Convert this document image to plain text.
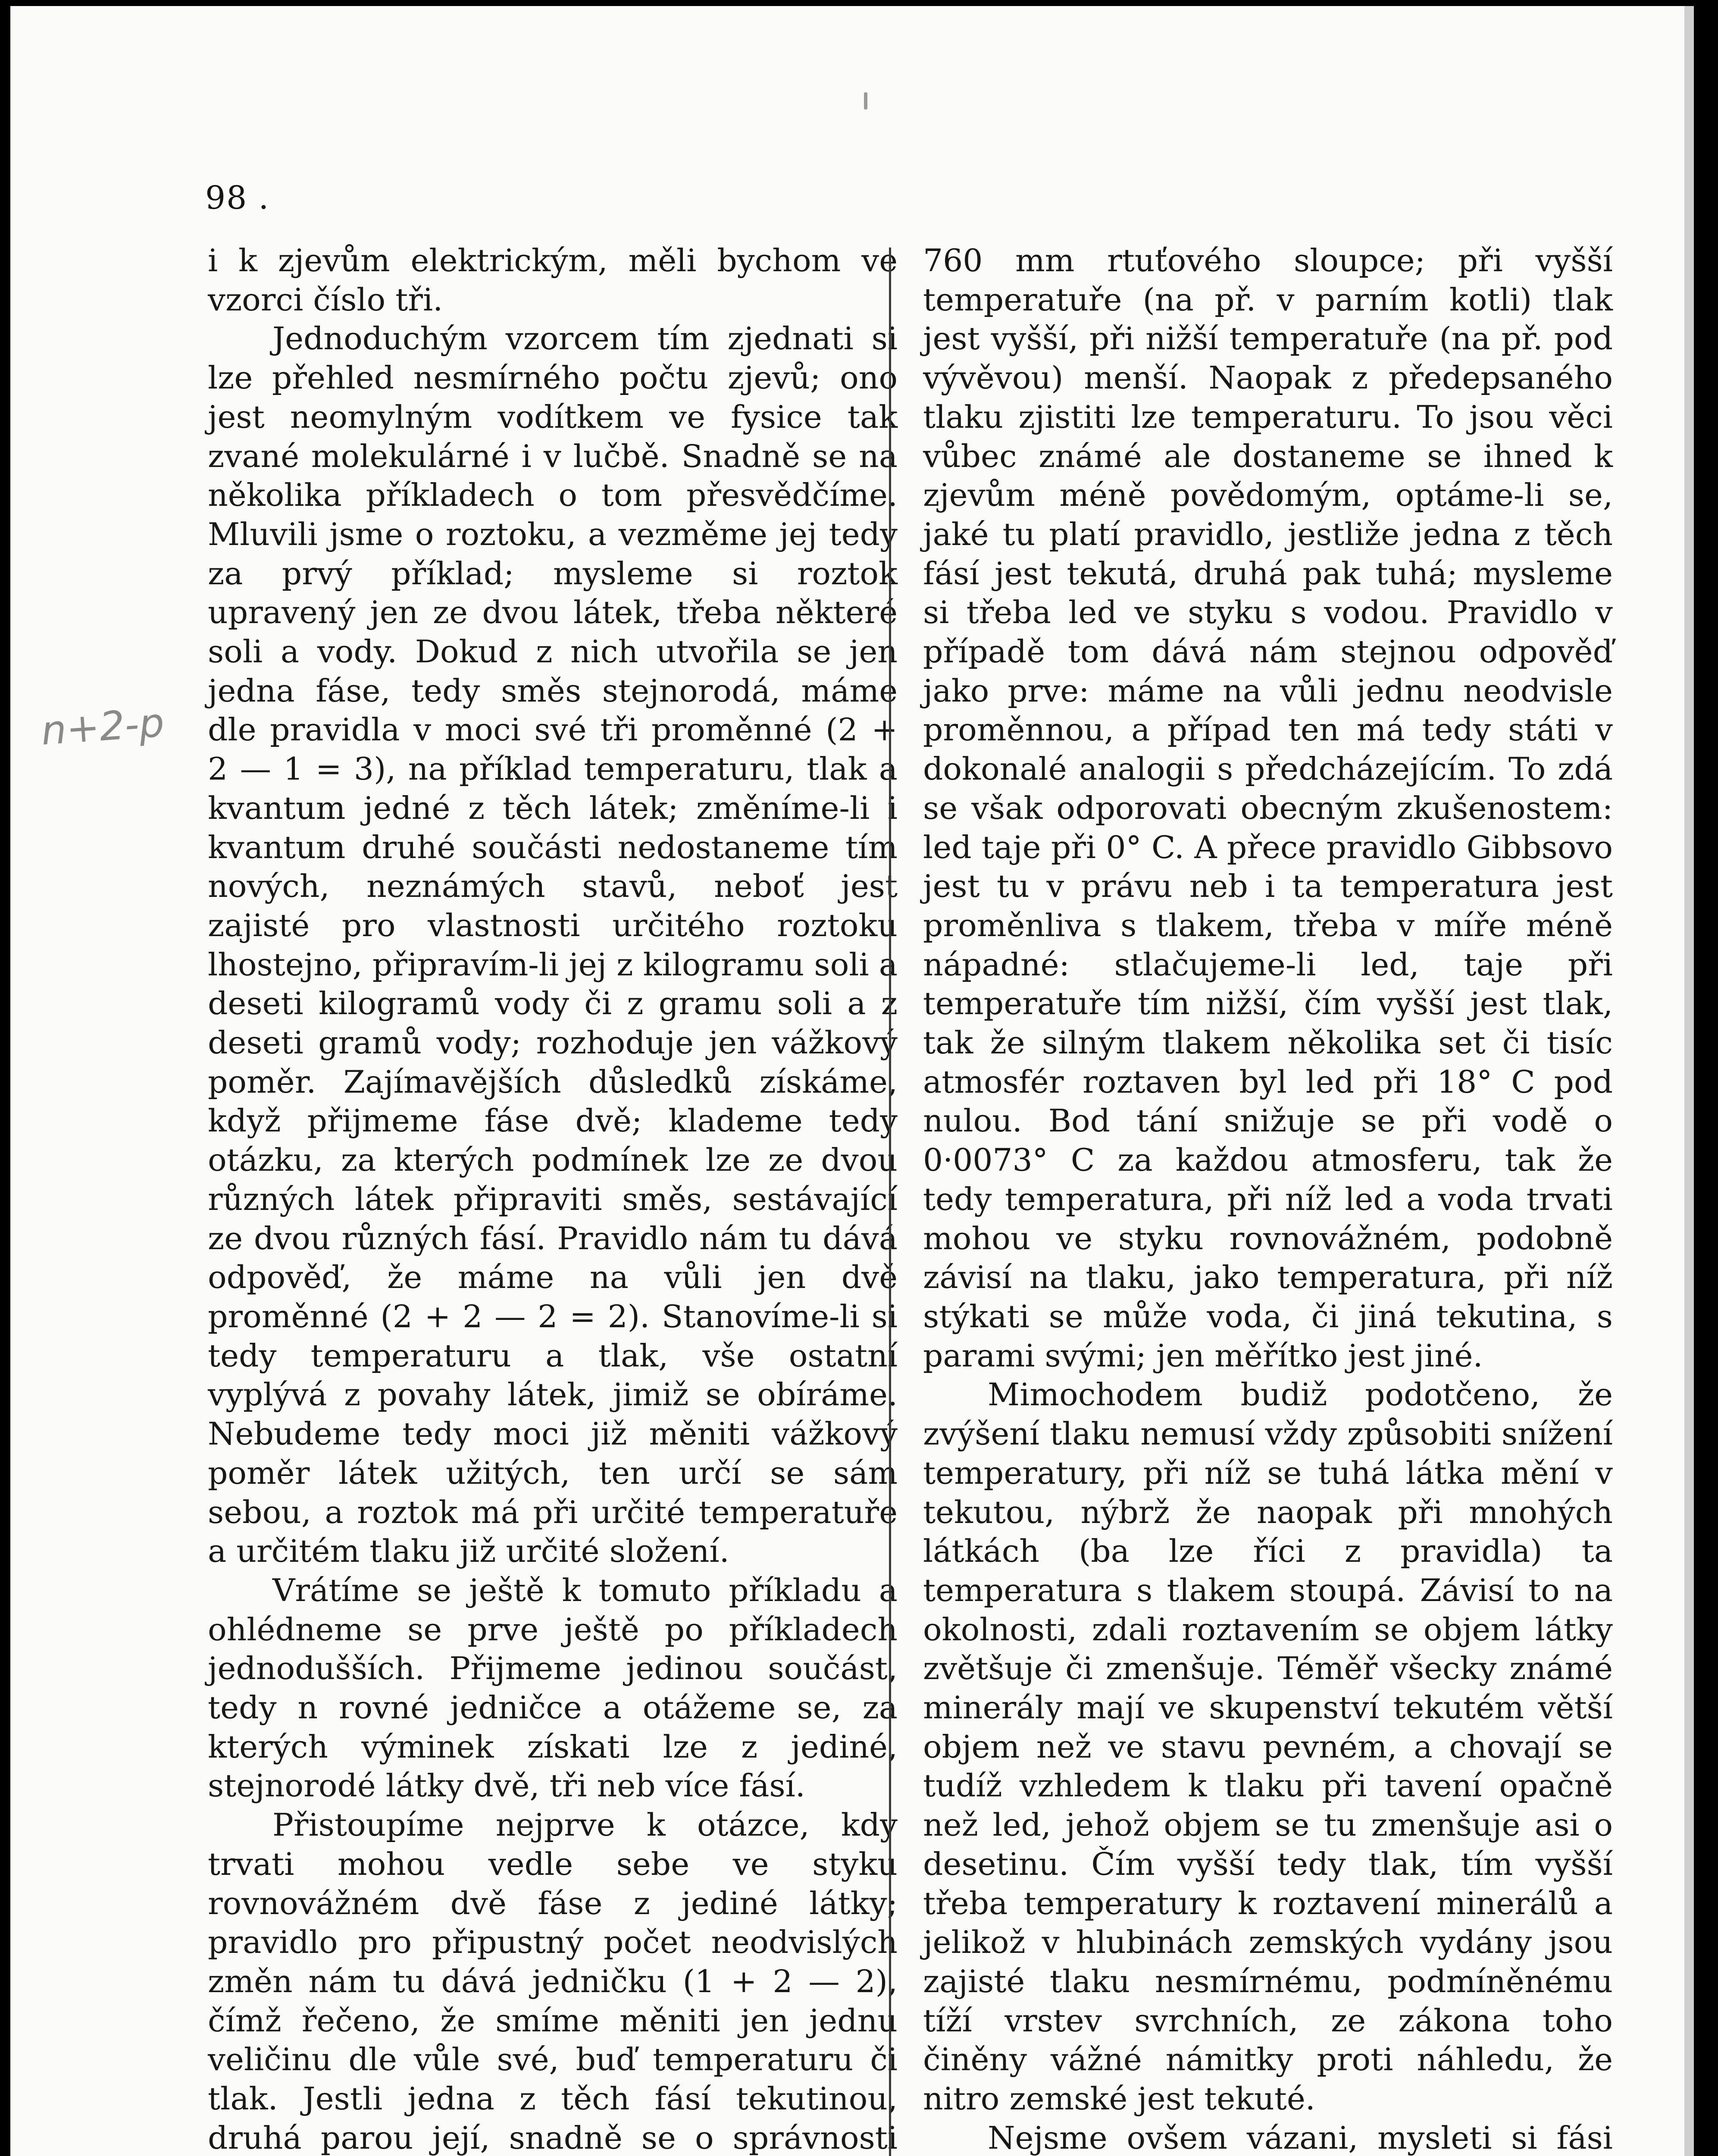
98 .
n+2-p

i k zjevům elektrickým, měli bychom ve vzorci číslo tři.

Jednoduchým vzorcem tím zjednati si lze přehled nesmírného počtu zjevů; ono jest neomylným vodítkem ve fysice tak zvané molekulárné i v lučbě. Snadně se na několika příkladech o tom přesvědčíme. Mluvili jsme o roztoku, a vezměme jej tedy za prvý příklad; mysleme si roztok upravený jen ze dvou látek, třeba některé soli a vody. Dokud z nich utvořila se jen jedna fáse, tedy směs stejnorodá, máme dle pravidla v moci své tři proměnné (2 + 2 — 1 = 3), na příklad temperaturu, tlak a kvantum jedné z těch látek; změníme-li i kvantum druhé součásti nedostaneme tím nových, neznámých stavů, neboť jest zajisté pro vlastnosti určitého roztoku lhostejno, připravím-li jej z kilogramu soli a deseti kilogramů vody či z gramu soli a z deseti gramů vody; rozhoduje jen vážkový poměr. Zajímavějších důsledků získáme, když přijmeme fáse dvě; klademe tedy otázku, za kterých podmínek lze ze dvou různých látek připraviti směs, sestávající ze dvou různých fásí. Pravidlo nám tu dává odpověď, že máme na vůli jen dvě proměnné (2 + 2 — 2 = 2). Stanovíme-li si tedy temperaturu a tlak, vše ostatní vyplývá z povahy látek, jimiž se obíráme. Nebudeme tedy moci již měniti vážkový poměr látek užitých, ten určí se sám sebou, a roztok má při určité temperatuře a určitém tlaku již určité složení.

Vrátíme se ještě k tomuto příkladu a ohlédneme se prve ještě po příkladech jednodušších. Přijmeme jedinou součást, tedy n rovné jedničce a otážeme se, za kterých výminek získati lze z jediné, stejnorodé látky dvě, tři neb více fásí.

Přistoupíme nejprve k otázce, kdy trvati mohou vedle sebe ve styku rovnovážném dvě fáse z jediné látky; pravidlo pro připustný počet neodvislých změn nám tu dává jedničku (1 + 2 — 2), čímž řečeno, že smíme měniti jen jednu veličinu dle vůle své, buď temperaturu či tlak. Jestli jedna z těch fásí tekutinou, druhá parou její, snadně se o správnosti

760 mm rtuťového sloupce; při vyšší temperatuře (na př. v parním kotli) tlak jest vyšší, při nižší temperatuře (na př. pod vývěvou) menší. Naopak z předepsaného tlaku zjistiti lze temperaturu. To jsou věci vůbec známé ale dostaneme se ihned k zjevům méně povědomým, optáme-li se, jaké tu platí pravidlo, jestliže jedna z těch fásí jest tekutá, druhá pak tuhá; mysleme si třeba led ve styku s vodou. Pravidlo v případě tom dává nám stejnou odpověď jako prve: máme na vůli jednu neodvisle proměnnou, a případ ten má tedy státi v dokonalé analogii s předcházejícím. To zdá se však odporovati obecným zkušenostem: led taje při 0° C. A přece pravidlo Gibbsovo jest tu v právu neb i ta temperatura jest proměnliva s tlakem, třeba v míře méně nápadné: stlačujeme-li led, taje při temperatuře tím nižší, čím vyšší jest tlak, tak že silným tlakem několika set či tisíc atmosfér roztaven byl led při 18° C pod nulou. Bod tání snižuje se při vodě o 0·0073° C za každou atmosferu, tak že tedy temperatura, při níž led a voda trvati mohou ve styku rovnovážném, podobně závisí na tlaku, jako temperatura, při níž stýkati se může voda, či jiná tekutina, s parami svými; jen měřítko jest jiné.

Mimochodem budiž podotčeno, že zvýšení tlaku nemusí vždy způsobiti snížení temperatury, při níž se tuhá látka mění v tekutou, nýbrž že naopak při mnohých látkách (ba lze říci z pravidla) ta temperatura s tlakem stoupá. Závisí to na okolnosti, zdali roztavením se objem látky zvětšuje či zmenšuje. Téměř všecky známé minerály mají ve skupenství tekutém větší objem než ve stavu pevném, a chovají se tudíž vzhledem k tlaku při tavení opačně než led, jehož objem se tu zmenšuje asi o desetinu. Čím vyšší tedy tlak, tím vyšší třeba temperatury k roztavení minerálů a jelikož v hlubinách zemských vydány jsou zajisté tlaku nesmírnému, podmíněnému tíží vrstev svrchních, ze zákona toho činěny vážné námitky proti náhledu, že nitro zemské jest tekuté.

Nejsme ovšem vázani, mysleti si fási
